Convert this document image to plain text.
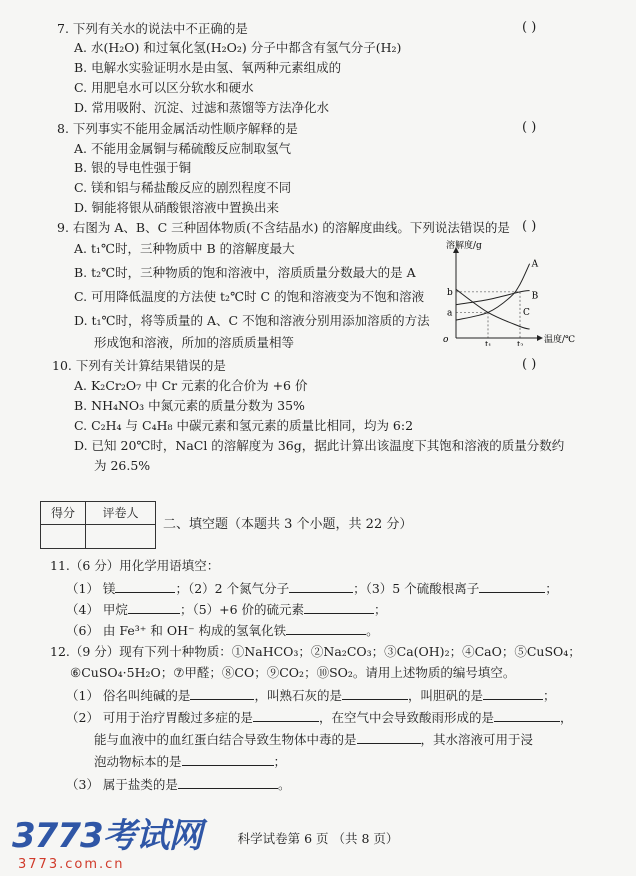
7. 下列有关水的说法中不正确的是	( )
A. 水(H₂O) 和过氧化氢(H₂O₂) 分子中都含有氢气分子(H₂)
B. 电解水实验证明水是由氢、氧两种元素组成的
C. 用肥皂水可以区分软水和硬水
D. 常用吸附、沉淀、过滤和蒸馏等方法净化水
8. 下列事实不能用金属活动性顺序解释的是	( )
A. 不能用金属铜与稀硫酸反应制取氢气
B. 银的导电性强于铜
C. 镁和铝与稀盐酸反应的剧烈程度不同
D. 铜能将银从硝酸银溶液中置换出来
9. 右图为 A、B、C 三种固体物质(不含结晶水) 的溶解度曲线。下列说法错误的是 ( )
A. t₁℃时，三种物质中 B 的溶解度最大
B. t₂℃时，三种物质的饱和溶液中，溶质质量分数最大的是 A
C. 可用降低温度的方法使 t₂℃时 C 的饱和溶液变为不饱和溶液
D. t₁℃时，将等质量的 A、C 不饱和溶液分别用添加溶质的方法
形成饱和溶液，所加的溶质质量相等
溶解度/g
温度/℃
o
b
a
t₁	t₂
A
B
C
10. 下列有关计算结果错误的是	( )
A. K₂Cr₂O₇ 中 Cr 元素的化合价为 +6 价
B. NH₄NO₃ 中氮元素的质量分数为 35%
C. C₂H₄ 与 C₄H₈ 中碳元素和氢元素的质量比相同，均为 6:2
D. 已知 20℃时，NaCl 的溶解度为 36g，据此计算出该温度下其饱和溶液的质量分数约
为 26.5%
得分	评卷人
二、填空题（本题共 3 个小题，共 22 分）
11.（6 分）用化学用语填空：
（1） 镁	；（2）2 个氮气分子	；（3）5 个硫酸根离子	；
（4） 甲烷	；（5）+6 价的硫元素	；
（6） 由 Fe³⁺ 和 OH⁻ 构成的氢氧化铁	。
12.（9 分）现有下列十种物质：①NaHCO₃；②Na₂CO₃；③Ca(OH)₂；④CaO；⑤CuSO₄；
⑥CuSO₄·5H₂O；⑦甲醛；⑧CO；⑨CO₂；⑩SO₂。请用上述物质的编号填空。
（1） 俗名叫纯碱的是	，叫熟石灰的是	，叫胆矾的是	；
（2） 可用于治疗胃酸过多症的是	，在空气中会导致酸雨形成的是	，
能与血液中的血红蛋白结合导致生物体中毒的是	，其水溶液可用于浸
泡动物标本的是	；
（3） 属于盐类的是	。
科学试卷第 6 页 （共 8 页）
3773考试网
3773.com.cn
